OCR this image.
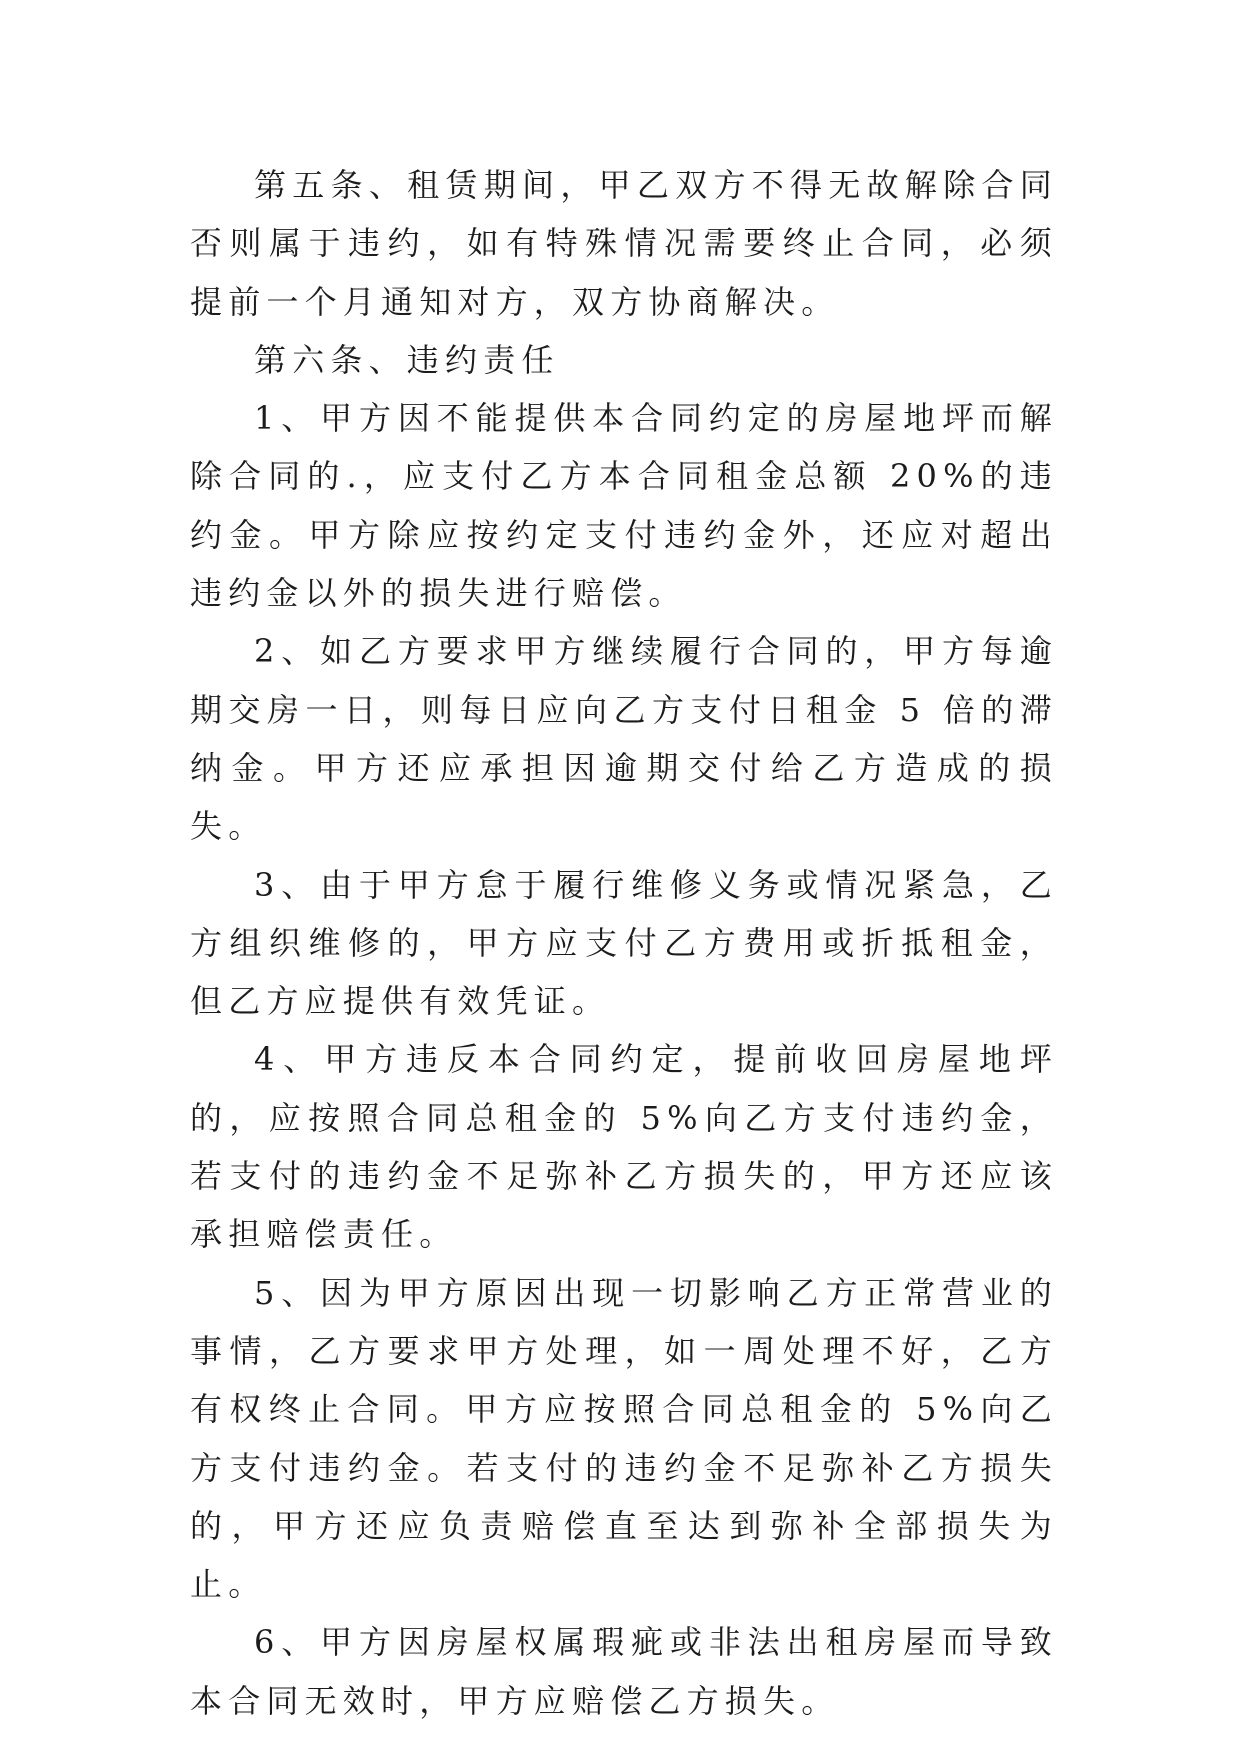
第五条、租赁期间，甲乙双方不得无故解除合同否则属于违约，如有特殊情况需要终止合同，必须提前一个月通知对方，双方协商解决。

第六条、违约责任

1、甲方因不能提供本合同约定的房屋地坪而解除合同的.，应支付乙方本合同租金总额 20%的违约金。甲方除应按约定支付违约金外，还应对超出违约金以外的损失进行赔偿。

2、如乙方要求甲方继续履行合同的，甲方每逾期交房一日，则每日应向乙方支付日租金 5 倍的滞纳金。甲方还应承担因逾期交付给乙方造成的损失。

3、由于甲方怠于履行维修义务或情况紧急，乙方组织维修的，甲方应支付乙方费用或折抵租金，但乙方应提供有效凭证。

4、甲方违反本合同约定，提前收回房屋地坪的，应按照合同总租金的 5%向乙方支付违约金，若支付的违约金不足弥补乙方损失的，甲方还应该承担赔偿责任。

5、因为甲方原因出现一切影响乙方正常营业的事情，乙方要求甲方处理，如一周处理不好，乙方有权终止合同。甲方应按照合同总租金的 5%向乙方支付违约金。若支付的违约金不足弥补乙方损失的，甲方还应负责赔偿直至达到弥补全部损失为止。

6、甲方因房屋权属瑕疵或非法出租房屋而导致本合同无效时，甲方应赔偿乙方损失。
